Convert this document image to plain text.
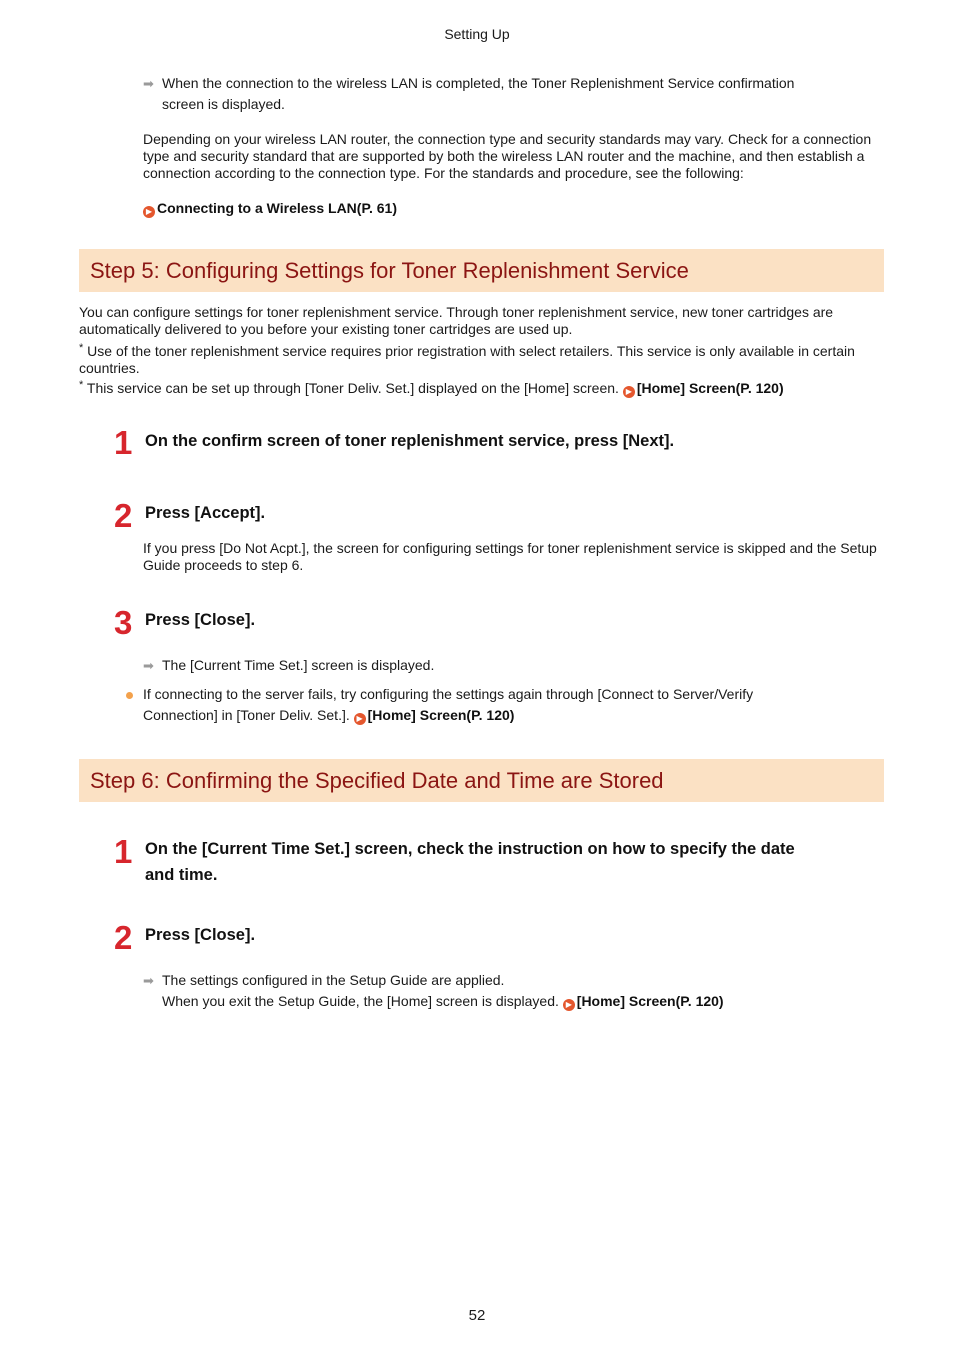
Setting Up
➡ When the connection to the wireless LAN is completed, the Toner Replenishment Service confirmation
screen is displayed.
Depending on your wireless LAN router, the connection type and security standards may vary. Check for a connection type and security standard that are supported by both the wireless LAN router and the machine, and then establish a connection according to the connection type. For the standards and procedure, see the following:
▶ Connecting to a Wireless LAN(P. 61)
Step 5: Configuring Settings for Toner Replenishment Service
You can configure settings for toner replenishment service. Through toner replenishment service, new toner cartridges are automatically delivered to you before your existing toner cartridges are used up.
* Use of the toner replenishment service requires prior registration with select retailers. This service is only available in certain countries.
* This service can be set up through [Toner Deliv. Set.] displayed on the [Home] screen. ▶ [Home] Screen(P. 120)
1 On the confirm screen of toner replenishment service, press [Next].
2 Press [Accept].
If you press [Do Not Acpt.], the screen for configuring settings for toner replenishment service is skipped and the Setup Guide proceeds to step 6.
3 Press [Close].
➡ The [Current Time Set.] screen is displayed.
If connecting to the server fails, try configuring the settings again through [Connect to Server/Verify
Connection] in [Toner Deliv. Set.]. ▶ [Home] Screen(P. 120)
Step 6: Confirming the Specified Date and Time are Stored
1 On the [Current Time Set.] screen, check the instruction on how to specify the date
and time.
2 Press [Close].
➡ The settings configured in the Setup Guide are applied.
When you exit the Setup Guide, the [Home] screen is displayed. ▶ [Home] Screen(P. 120)
52
